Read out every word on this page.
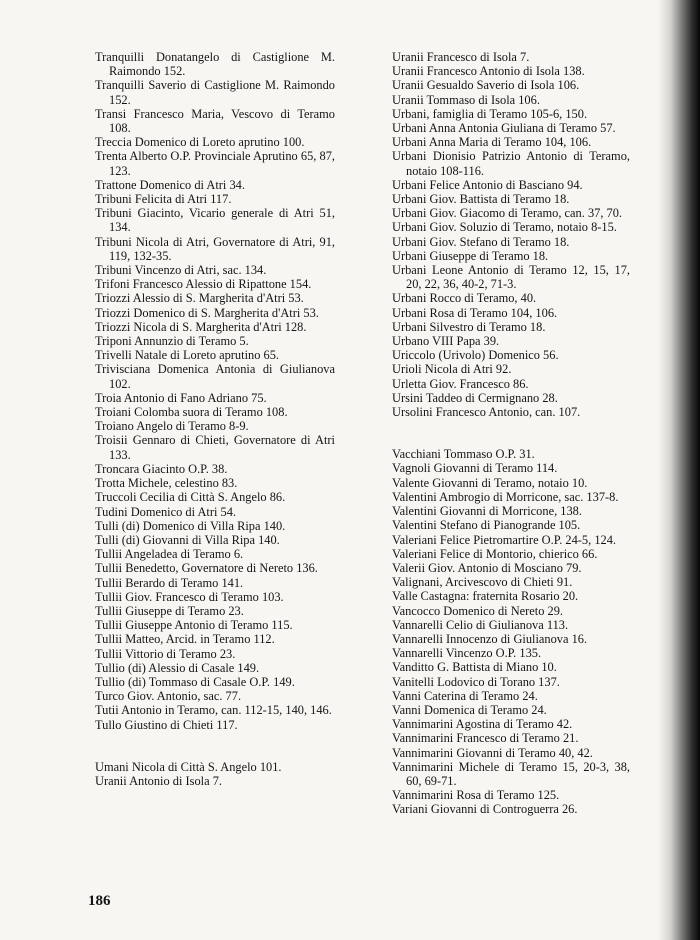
Tranquilli Donatangelo di Castiglione M. Raimondo 152.

Tranquilli Saverio di Castiglione M. Raimondo 152.

Transi Francesco Maria, Vescovo di Teramo 108.

Treccia Domenico di Loreto aprutino 100.

Trenta Alberto O.P. Provinciale Aprutino 65, 87, 123.

Trattone Domenico di Atri 34.

Tribuni Felicita di Atri 117.

Tribuni Giacinto, Vicario generale di Atri 51, 134.

Tribuni Nicola di Atri, Governatore di Atri, 91, 119, 132-35.

Tribuni Vincenzo di Atri, sac. 134.

Trifoni Francesco Alessio di Ripattone 154.

Triozzi Alessio di S. Margherita d'Atri 53.

Triozzi Domenico di S. Margherita d'Atri 53.

Triozzi Nicola di S. Margherita d'Atri 128.

Triponi Annunzio di Teramo 5.

Trivelli Natale di Loreto aprutino 65.

Trivisciana Domenica Antonia di Giulianova 102.

Troia Antonio di Fano Adriano 75.

Troiani Colomba suora di Teramo 108.

Troiano Angelo di Teramo 8-9.

Troisii Gennaro di Chieti, Governatore di Atri 133.

Troncara Giacinto O.P. 38.

Trotta Michele, celestino 83.

Truccoli Cecilia di Città S. Angelo 86.

Tudini Domenico di Atri 54.

Tulli (di) Domenico di Villa Ripa 140.

Tulli (di) Giovanni di Villa Ripa 140.

Tullii Angeladea di Teramo 6.

Tullii Benedetto, Governatore di Nereto 136.

Tullii Berardo di Teramo 141.

Tullii Giov. Francesco di Teramo 103.

Tullii Giuseppe di Teramo 23.

Tullii Giuseppe Antonio di Teramo 115.

Tullii Matteo, Arcid. in Teramo 112.

Tullii Vittorio di Teramo 23.

Tullio (di) Alessio di Casale 149.

Tullio (di) Tommaso di Casale O.P. 149.

Turco Giov. Antonio, sac. 77.

Tutii Antonio in Teramo, can. 112-15, 140, 146.

Tullo Giustino di Chieti 117.

Umani Nicola di Città S. Angelo 101.

Uranii Antonio di Isola 7.

Uranii Francesco di Isola 7.

Uranii Francesco Antonio di Isola 138.

Uranii Gesualdo Saverio di Isola 106.

Uranii Tommaso di Isola 106.

Urbani, famiglia di Teramo 105-6, 150.

Urbani Anna Antonia Giuliana di Teramo 57.

Urbani Anna Maria di Teramo 104, 106.

Urbani Dionisio Patrizio Antonio di Teramo, notaio 108-116.

Urbani Felice Antonio di Basciano 94.

Urbani Giov. Battista di Teramo 18.

Urbani Giov. Giacomo di Teramo, can. 37, 70.

Urbani Giov. Soluzio di Teramo, notaio 8-15.

Urbani Giov. Stefano di Teramo 18.

Urbani Giuseppe di Teramo 18.

Urbani Leone Antonio di Teramo 12, 15, 17, 20, 22, 36, 40-2, 71-3.

Urbani Rocco di Teramo, 40.

Urbani Rosa di Teramo 104, 106.

Urbani Silvestro di Teramo 18.

Urbano VIII Papa 39.

Uriccolo (Urivolo) Domenico 56.

Urioli Nicola di Atri 92.

Urletta Giov. Francesco 86.

Ursini Taddeo di Cermignano 28.

Ursolini Francesco Antonio, can. 107.

Vacchiani Tommaso O.P. 31.

Vagnoli Giovanni di Teramo 114.

Valente Giovanni di Teramo, notaio 10.

Valentini Ambrogio di Morricone, sac. 137-8.

Valentini Giovanni di Morricone, 138.

Valentini Stefano di Pianogrande 105.

Valeriani Felice Pietromartire O.P. 24-5, 124.

Valeriani Felice di Montorio, chierico 66.

Valerii Giov. Antonio di Mosciano 79.

Valignani, Arcivescovo di Chieti 91.

Valle Castagna: fraternita Rosario 20.

Vancocco Domenico di Nereto 29.

Vannarelli Celio di Giulianova 113.

Vannarelli Innocenzo di Giulianova 16.

Vannarelli Vincenzo O.P. 135.

Vanditto G. Battista di Miano 10.

Vanitelli Lodovico di Torano 137.

Vanni Caterina di Teramo 24.

Vanni Domenica di Teramo 24.

Vannimarini Agostina di Teramo 42.

Vannimarini Francesco di Teramo 21.

Vannimarini Giovanni di Teramo 40, 42.

Vannimarini Michele di Teramo 15, 20-3, 38, 60, 69-71.

Vannimarini Rosa di Teramo 125.

Variani Giovanni di Controguerra 26.

186
